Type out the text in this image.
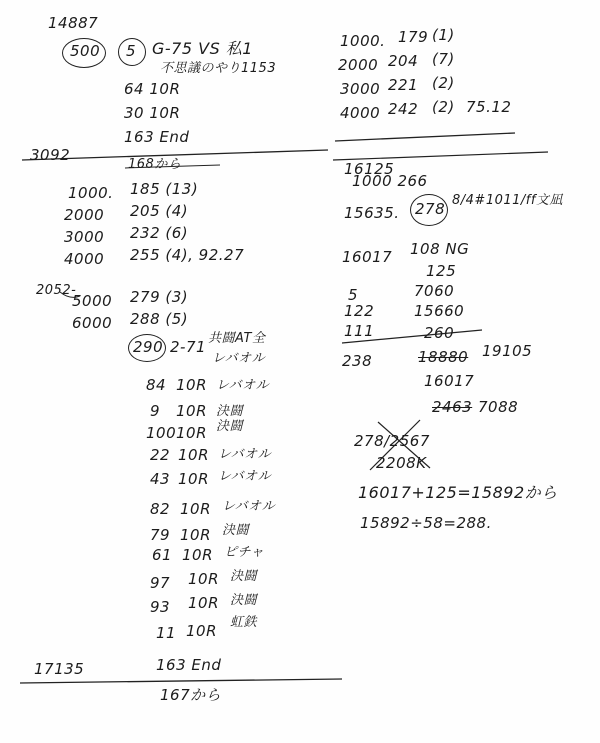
14887
500 5 G-75 VS 私1
不思議のやり1153
64 10R
30 10R
163 End
3092
168から
1000. 185 (13)
2000 205 (4)
3000 232 (6)
4000 255 (4), 92.27
2052-
5000 279 (3)
6000 288 (5)
290 2-71 共闘AT全
レバオル
84 10R レバオル
9 10R 決闘
100 10R 決闘
22 10R レバオル
43 10R レバオル
82 10R レバオル
79 10R 決闘
61 10R ピチャ
97 10R 決闘
93 10R 決闘
11 10R 虹鉄
17135	163 End
167から
1000. 179 (1)
2000 204 (7)
3000 221 (2)
4000 242 (2) 75.12
16125
1000 266
15635. 278 8/4#1011/ff文凪
16017 108 NG
125
5
122
111
7060
15660
260
238	18880 19105
16017
2463 7088
278/2567
2208K
16017+125=15892から
15892÷58=288.
